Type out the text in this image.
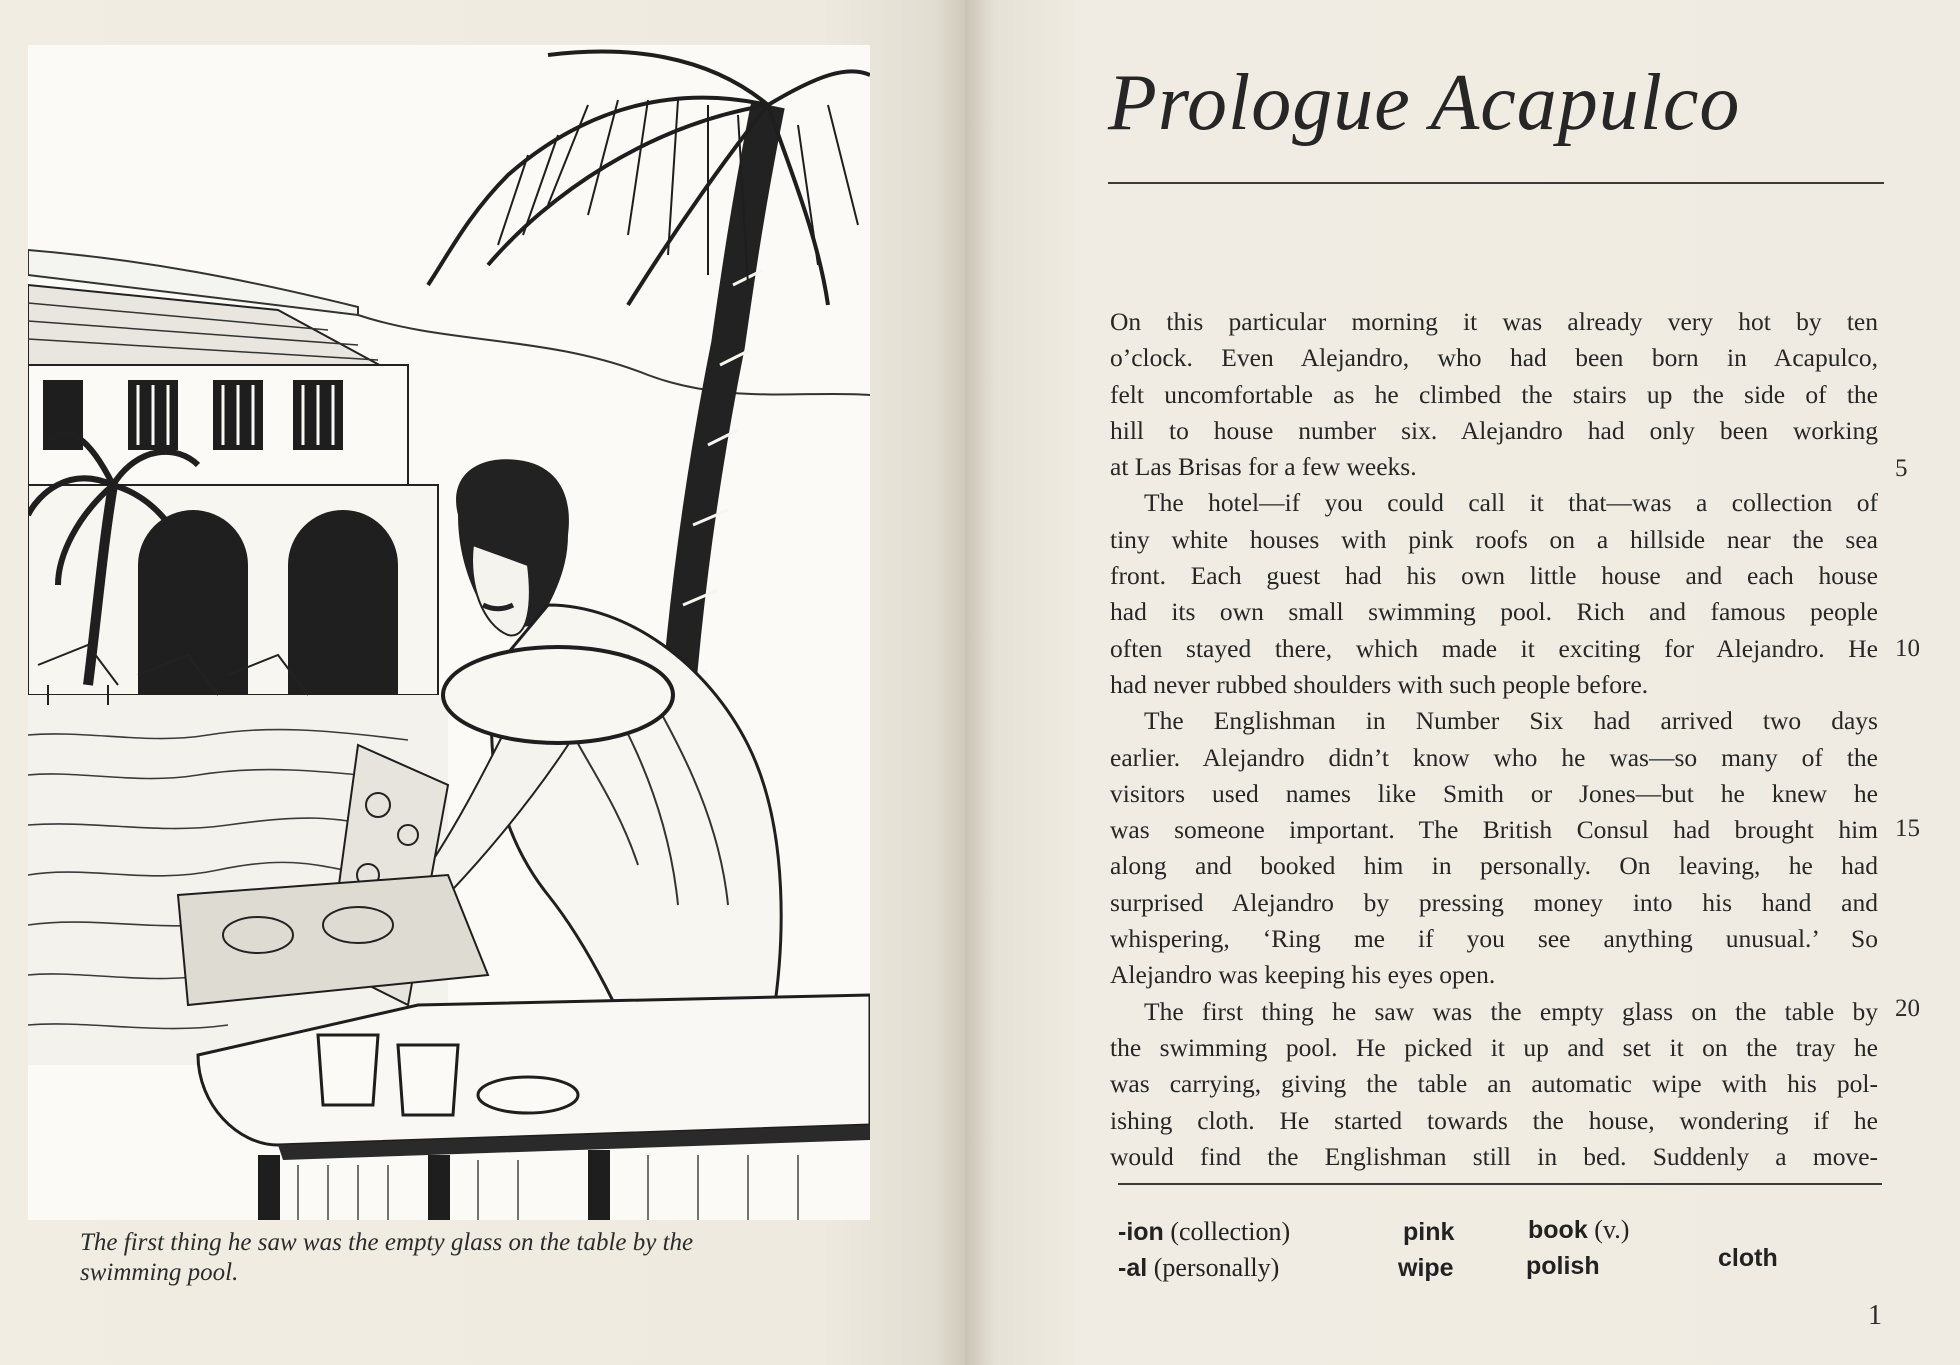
The first thing he saw was the empty glass on the table by the
swimming pool.
Prologue Acapulco
On this particular morning it was already very hot by ten
o’clock. Even Alejandro, who had been born in Acapulco,
felt uncomfortable as he climbed the stairs up the side of the
hill to house number six. Alejandro had only been working
at Las Brisas for a few weeks.
The hotel—if you could call it that—was a collection of
tiny white houses with pink roofs on a hillside near the sea
front. Each guest had his own little house and each house
had its own small swimming pool. Rich and famous people
often stayed there, which made it exciting for Alejandro. He
had never rubbed shoulders with such people before.
The Englishman in Number Six had arrived two days
earlier. Alejandro didn’t know who he was—so many of the
visitors used names like Smith or Jones—but he knew he
was someone important. The British Consul had brought him
along and booked him in personally. On leaving, he had
surprised Alejandro by pressing money into his hand and
whispering, ‘Ring me if you see anything unusual.’ So
Alejandro was keeping his eyes open.
The first thing he saw was the empty glass on the table by
the swimming pool. He picked it up and set it on the tray he
was carrying, giving the table an automatic wipe with his pol-
ishing cloth. He started towards the house, wondering if he
would find the Englishman still in bed. Suddenly a move-
5
10
15
20
-ion (collection)
-al (personally)
pink
wipe
book (v.)
polish	cloth
1
